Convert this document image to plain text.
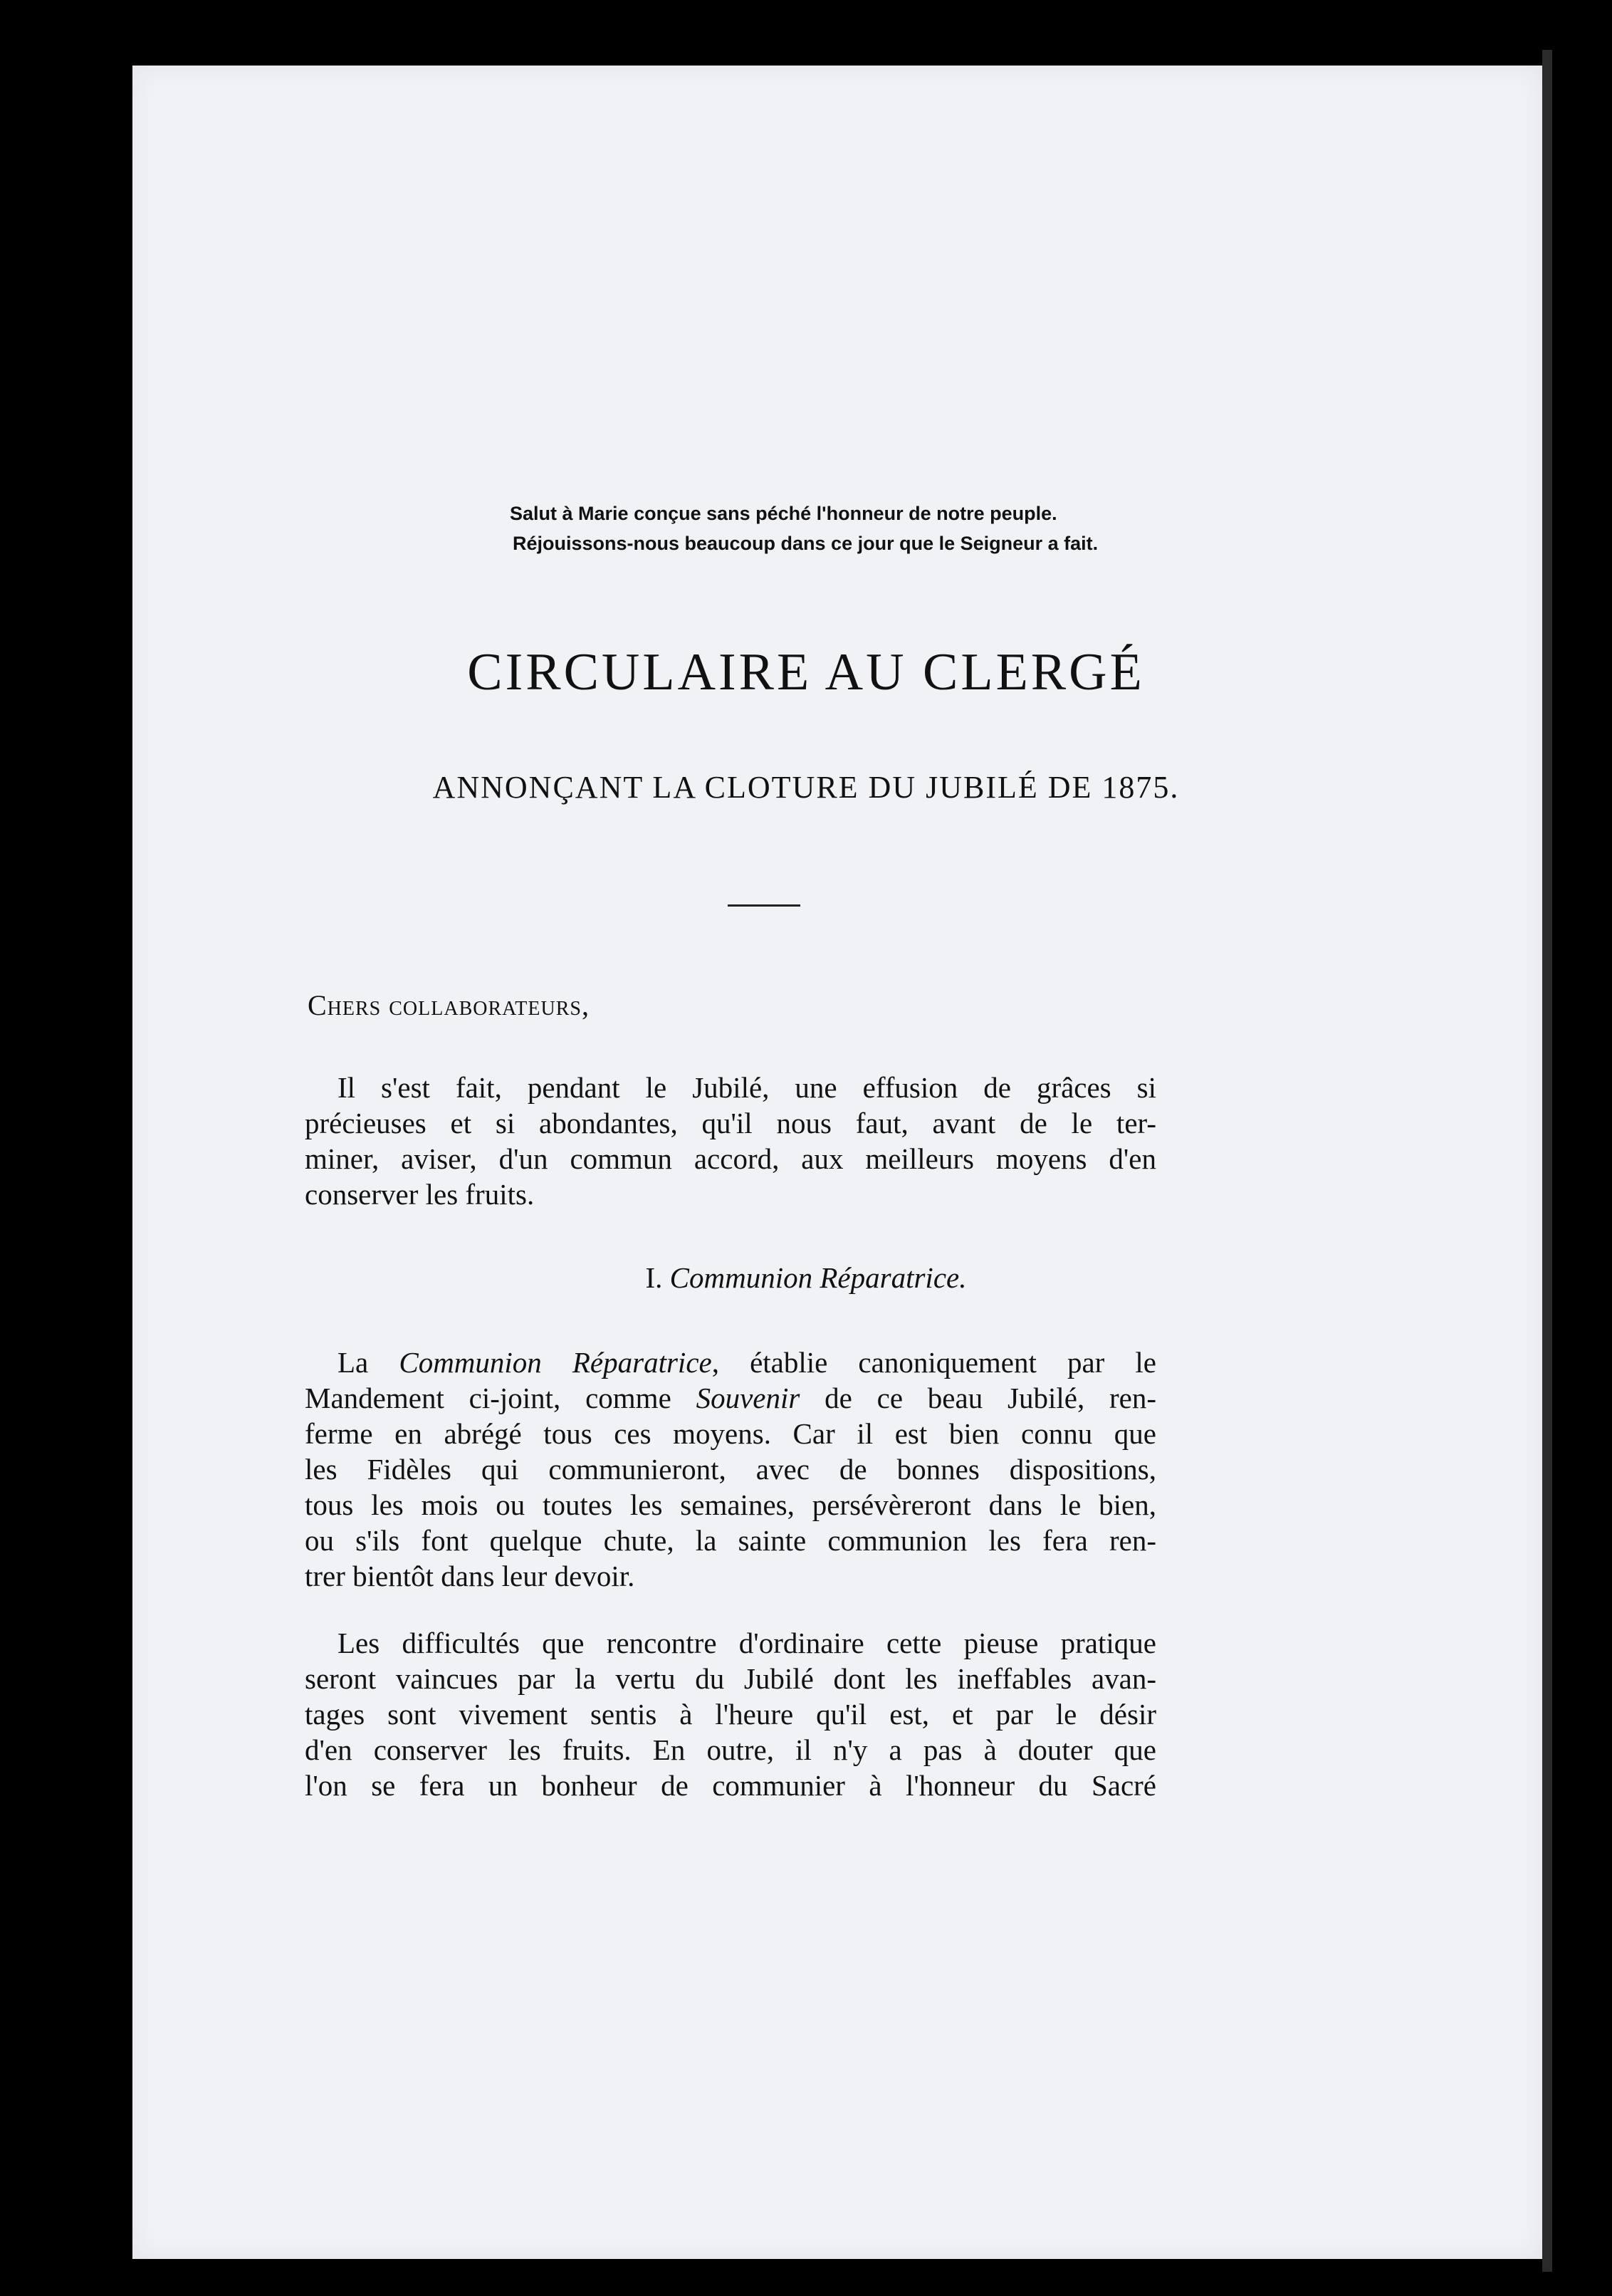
Salut à Marie conçue sans péché l'honneur de notre peuple.
Réjouissons-nous beaucoup dans ce jour que le Seigneur a fait.
CIRCULAIRE AU CLERGÉ
ANNONÇANT LA CLOTURE DU JUBILÉ DE 1875.
Chers collaborateurs,
Il s'est fait, pendant le Jubilé, une effusion de grâces si
précieuses et si abondantes, qu'il nous faut, avant de le ter-
miner, aviser, d'un commun accord, aux meilleurs moyens d'en
conserver les fruits.
I. Communion Réparatrice.
La Communion Réparatrice, établie canoniquement par le
Mandement ci-joint, comme Souvenir de ce beau Jubilé, ren-
ferme en abrégé tous ces moyens. Car il est bien connu que
les Fidèles qui communieront, avec de bonnes dispositions,
tous les mois ou toutes les semaines, persévèreront dans le bien,
ou s'ils font quelque chute, la sainte communion les fera ren-
trer bientôt dans leur devoir.
Les difficultés que rencontre d'ordinaire cette pieuse pratique
seront vaincues par la vertu du Jubilé dont les ineffables avan-
tages sont vivement sentis à l'heure qu'il est, et par le désir
d'en conserver les fruits. En outre, il n'y a pas à douter que
l'on se fera un bonheur de communier à l'honneur du Sacré
